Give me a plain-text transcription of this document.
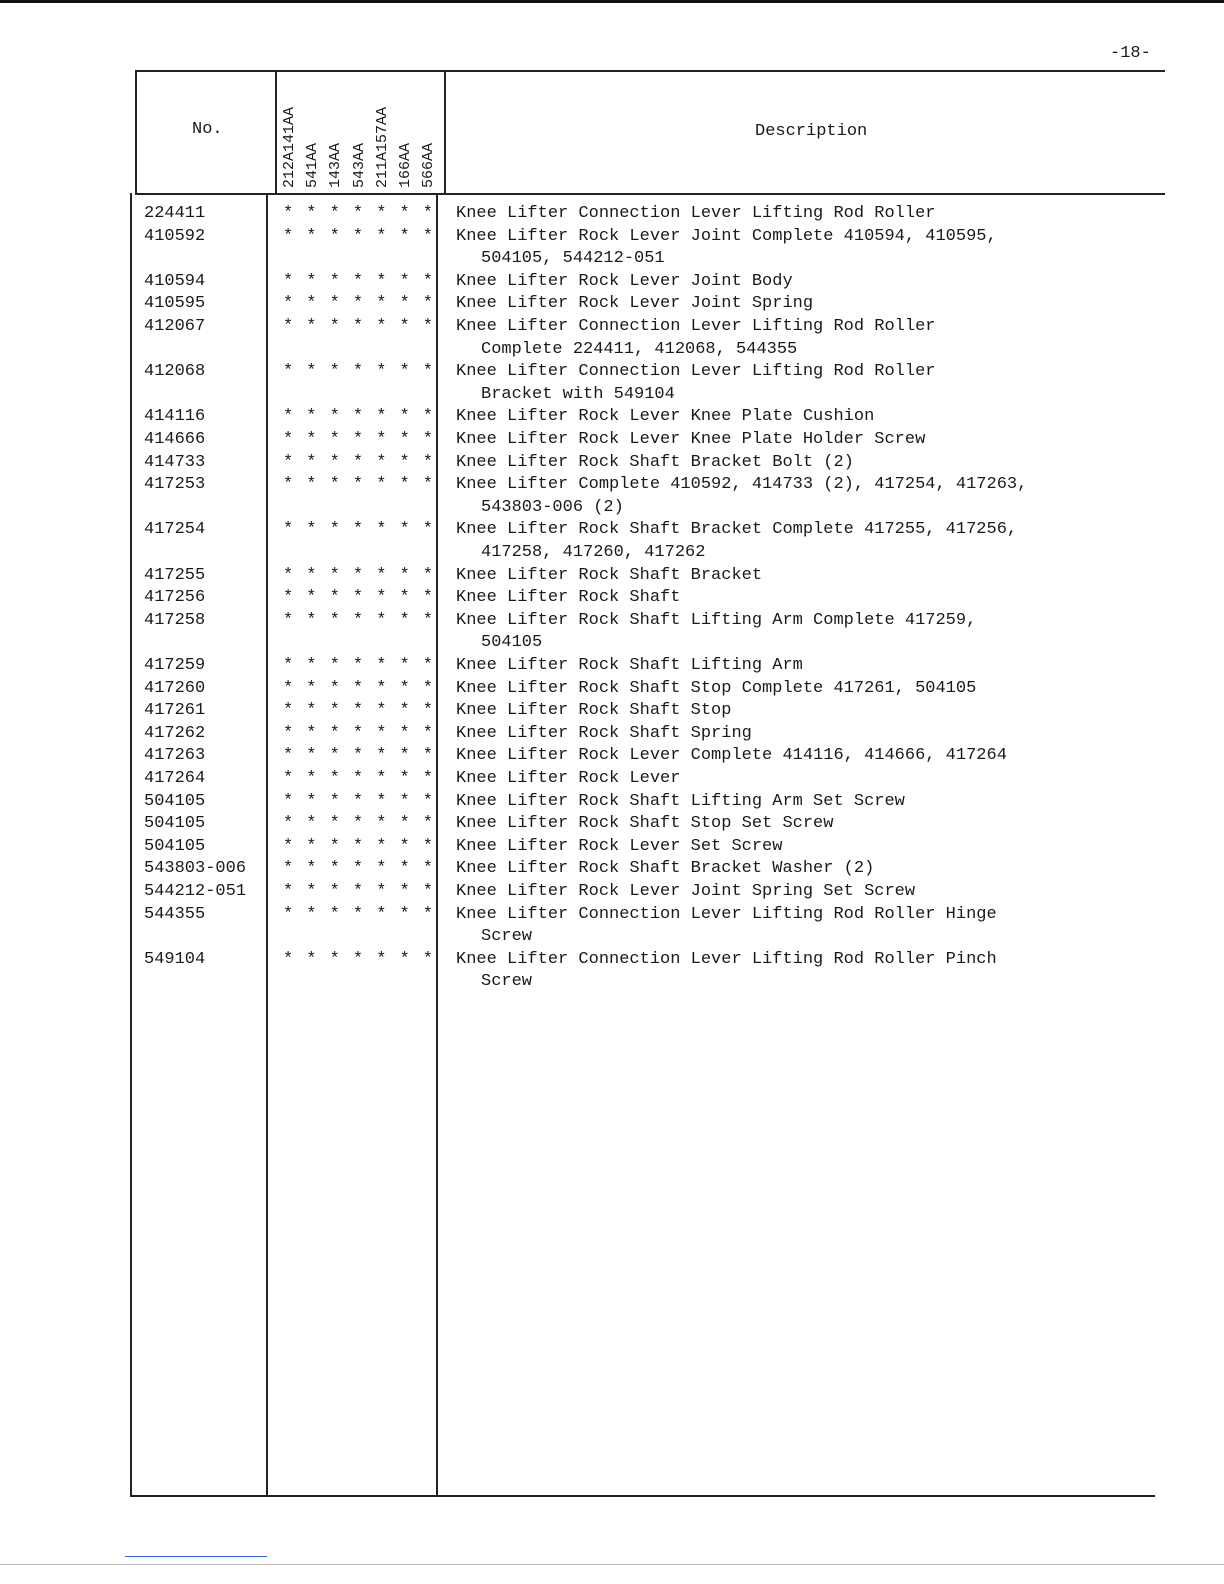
-18-
No.	Description
212A141AA 541AA 143AA 543AA 211A157AA 166AA 566AA
224411	* * * * * * * Knee Lifter Connection Lever Lifting Rod Roller
410592	* * * * * * * Knee Lifter Rock Lever Joint Complete 410594, 410595,
504105, 544212-051
410594	* * * * * * * Knee Lifter Rock Lever Joint Body
410595	* * * * * * * Knee Lifter Rock Lever Joint Spring
412067	* * * * * * * Knee Lifter Connection Lever Lifting Rod Roller
Complete 224411, 412068, 544355
412068	* * * * * * * Knee Lifter Connection Lever Lifting Rod Roller
Bracket with 549104
414116	* * * * * * * Knee Lifter Rock Lever Knee Plate Cushion
414666	* * * * * * * Knee Lifter Rock Lever Knee Plate Holder Screw
414733	* * * * * * * Knee Lifter Rock Shaft Bracket Bolt (2)
417253	* * * * * * * Knee Lifter Complete 410592, 414733 (2), 417254, 417263,
543803-006 (2)
417254	* * * * * * * Knee Lifter Rock Shaft Bracket Complete 417255, 417256,
417258, 417260, 417262
417255	* * * * * * * Knee Lifter Rock Shaft Bracket
417256	* * * * * * * Knee Lifter Rock Shaft
417258	* * * * * * * Knee Lifter Rock Shaft Lifting Arm Complete 417259,
504105
417259	* * * * * * * Knee Lifter Rock Shaft Lifting Arm
417260	* * * * * * * Knee Lifter Rock Shaft Stop Complete 417261, 504105
417261	* * * * * * * Knee Lifter Rock Shaft Stop
417262	* * * * * * * Knee Lifter Rock Shaft Spring
417263	* * * * * * * Knee Lifter Rock Lever Complete 414116, 414666, 417264
417264	* * * * * * * Knee Lifter Rock Lever
504105	* * * * * * * Knee Lifter Rock Shaft Lifting Arm Set Screw
504105	* * * * * * * Knee Lifter Rock Shaft Stop Set Screw
504105	* * * * * * * Knee Lifter Rock Lever Set Screw
543803-006 * * * * * * * Knee Lifter Rock Shaft Bracket Washer (2)
544212-051 * * * * * * * Knee Lifter Rock Lever Joint Spring Set Screw
544355	* * * * * * * Knee Lifter Connection Lever Lifting Rod Roller Hinge
Screw
549104	* * * * * * * Knee Lifter Connection Lever Lifting Rod Roller Pinch
Screw
